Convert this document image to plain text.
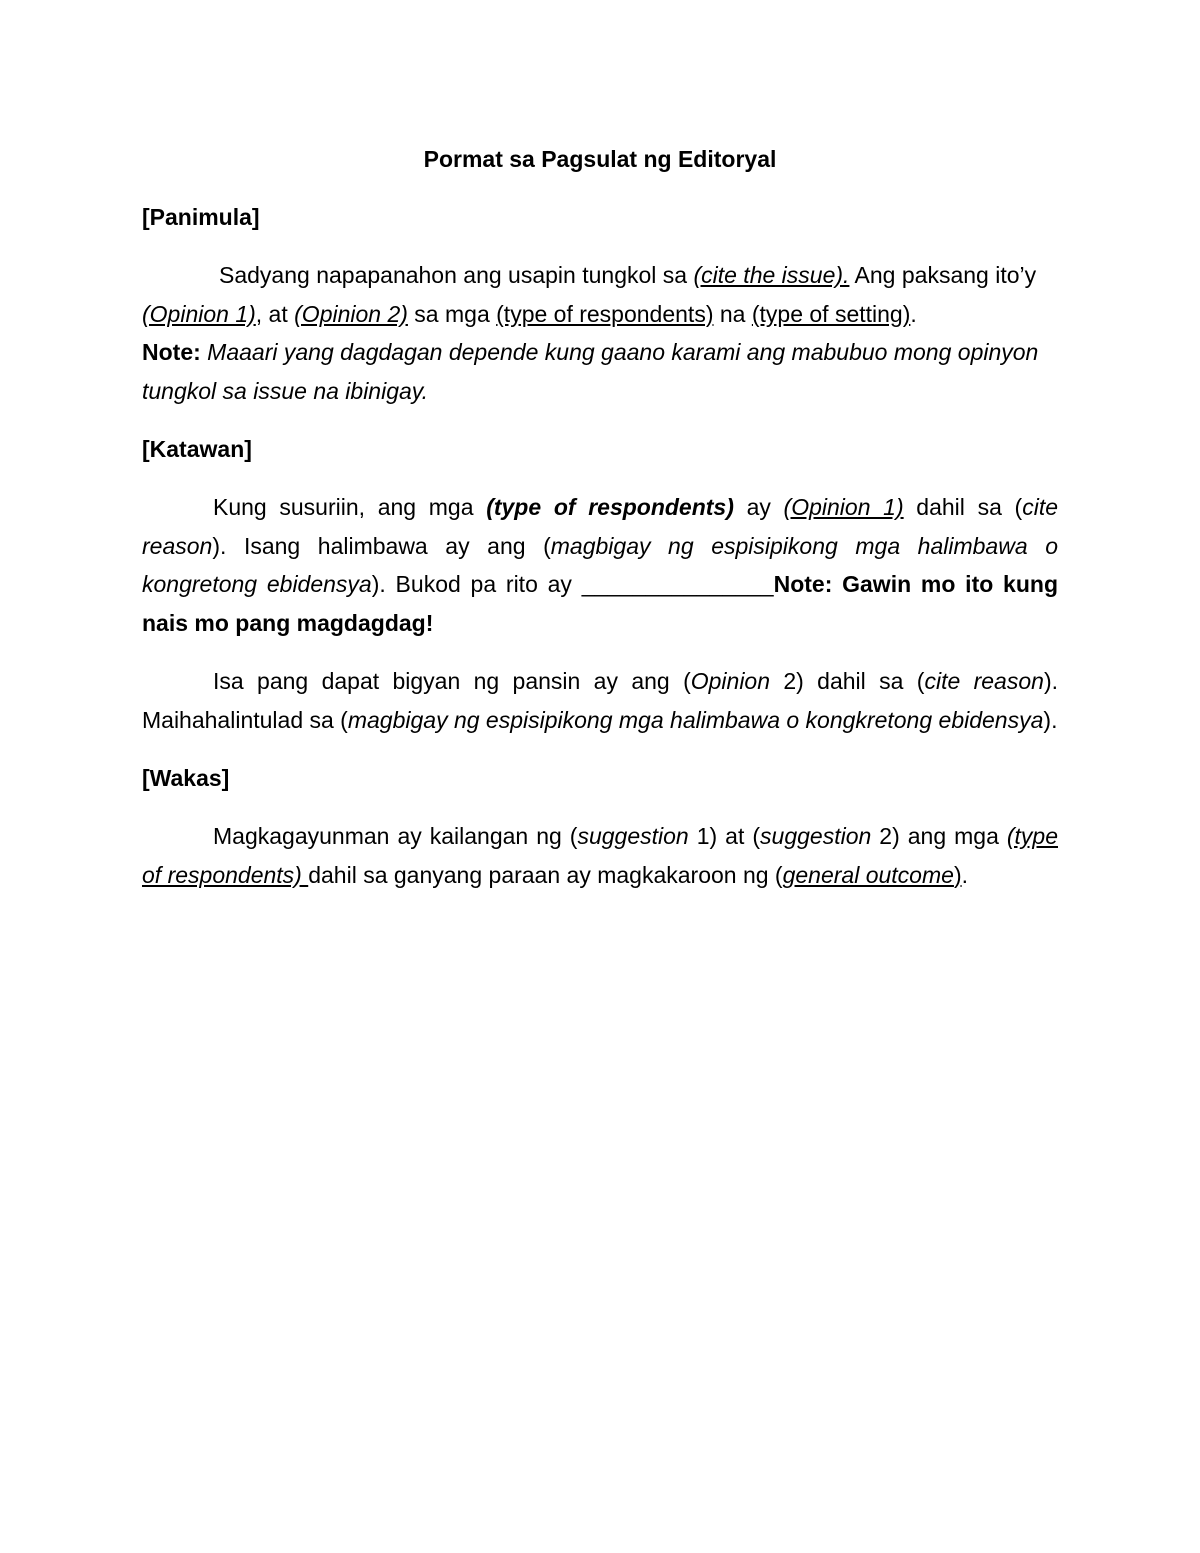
Pormat sa Pagsulat ng Editoryal
[Panimula]
Sadyang napapanahon ang usapin tungkol sa (cite the issue). Ang paksang ito’y (Opinion 1), at (Opinion 2) sa mga (type of respondents) na (type of setting).
Note: Maaari yang dagdagan depende kung gaano karami ang mabubuo mong opinyon tungkol sa issue na ibinigay.
[Katawan]
Kung susuriin, ang mga (type of respondents) ay (Opinion 1) dahil sa (cite reason). Isang halimbawa ay ang (magbigay ng espisipikong mga halimbawa o kongretong ebidensya). Bukod pa rito ay _______________Note: Gawin mo ito kung nais mo pang magdagdag!
Isa pang dapat bigyan ng pansin ay ang (Opinion 2) dahil sa (cite reason). Maihahalintulad sa (magbigay ng espisipikong mga halimbawa o kongkretong ebidensya).
[Wakas]
Magkagayunman ay kailangan ng (suggestion 1) at (suggestion 2) ang mga (type of respondents) dahil sa ganyang paraan ay magkakaroon ng (general outcome).
